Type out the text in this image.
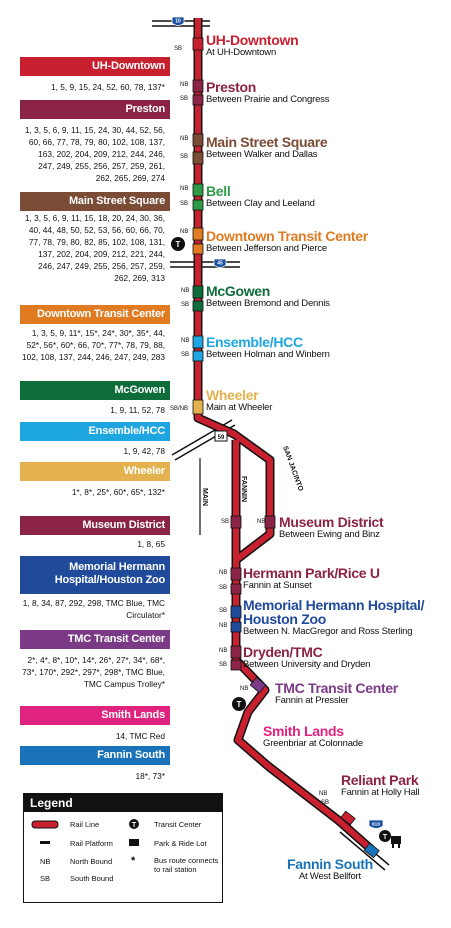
UH-Downtown
1, 5, 9, 15, 24, 52, 60, 78, 137*
Preston
1, 3, 5, 6, 9, 11, 15, 24, 30, 44, 52, 56, 60, 66, 77, 78, 79, 80, 102, 108, 137, 163, 202, 204, 209, 212, 244, 246, 247, 249, 255, 256, 257, 259, 261, 262, 265, 269, 274
Main Street Square
1, 3, 5, 6, 9, 11, 15, 18, 20, 24, 30, 36, 40, 44, 48, 50, 52, 53, 56, 60, 66, 70, 77, 78, 79, 80, 82, 85, 102, 108, 131, 137, 202, 204, 209, 212, 221, 244, 246, 247, 249, 255, 256, 257, 259, 262, 269, 313
Downtown Transit Center
1, 3, 5, 9, 11*, 15*, 24*, 30*, 35*, 44, 52*, 56*, 60*, 66, 70*, 77*, 78, 79, 88, 102, 108, 137, 244, 246, 247, 249, 283
McGowen
1, 9, 11, 52, 78
Ensemble/HCC
1, 9, 42, 78
Wheeler
1*, 8*, 25*, 60*, 65*, 132*
Museum District
1, 8, 65
Memorial Hermann Hospital/Houston Zoo
1, 8, 34, 87, 292, 298, TMC Blue, TMC Circulator*
TMC Transit Center
2*, 4*, 8*, 10*, 14*, 26*, 27*, 34*, 68*, 73*, 170*, 292*, 297*, 298*, TMC Blue, TMC Campus Trolley*
Smith Lands
14, TMC Red
Fannin South
18*, 73*
10
45
59
610
SAN JACINTO
FANNIN
MAIN
T
T
T
SB
NB
SB
NB
SB
NB
SB
NB
NB
SB
NB
SB
SB/NB
SB	NB
NB
SB
SB
NB
NB
SB
NB
NB
SB
UH-Downtown
At UH-Downtown
Preston
Between Prairie and Congress
Main Street Square
Between Walker and Dallas
Bell
Between Clay and Leeland
Downtown Transit Center
Between Jefferson and Pierce
McGowen
Between Bremond and Dennis
Ensemble/HCC
Between Holman and Winbern
Wheeler
Main at Wheeler
Museum District
Between Ewing and Binz
Hermann Park/Rice U
Fannin at Sunset
Memorial Hermann Hospital/ Houston Zoo
Between N. MacGregor and Ross Sterling
Dryden/TMC
Between University and Dryden
TMC Transit Center
Fannin at Pressler
Smith Lands
Greenbriar at Colonnade
Reliant Park
Fannin at Holly Hall
Fannin South
At West Bellfort
Legend
T
Rail Line
Rail Platform
NB	North Bound
SB	South Bound
Transit Center
Park & Ride Lot
* Bus route connects to rail station
